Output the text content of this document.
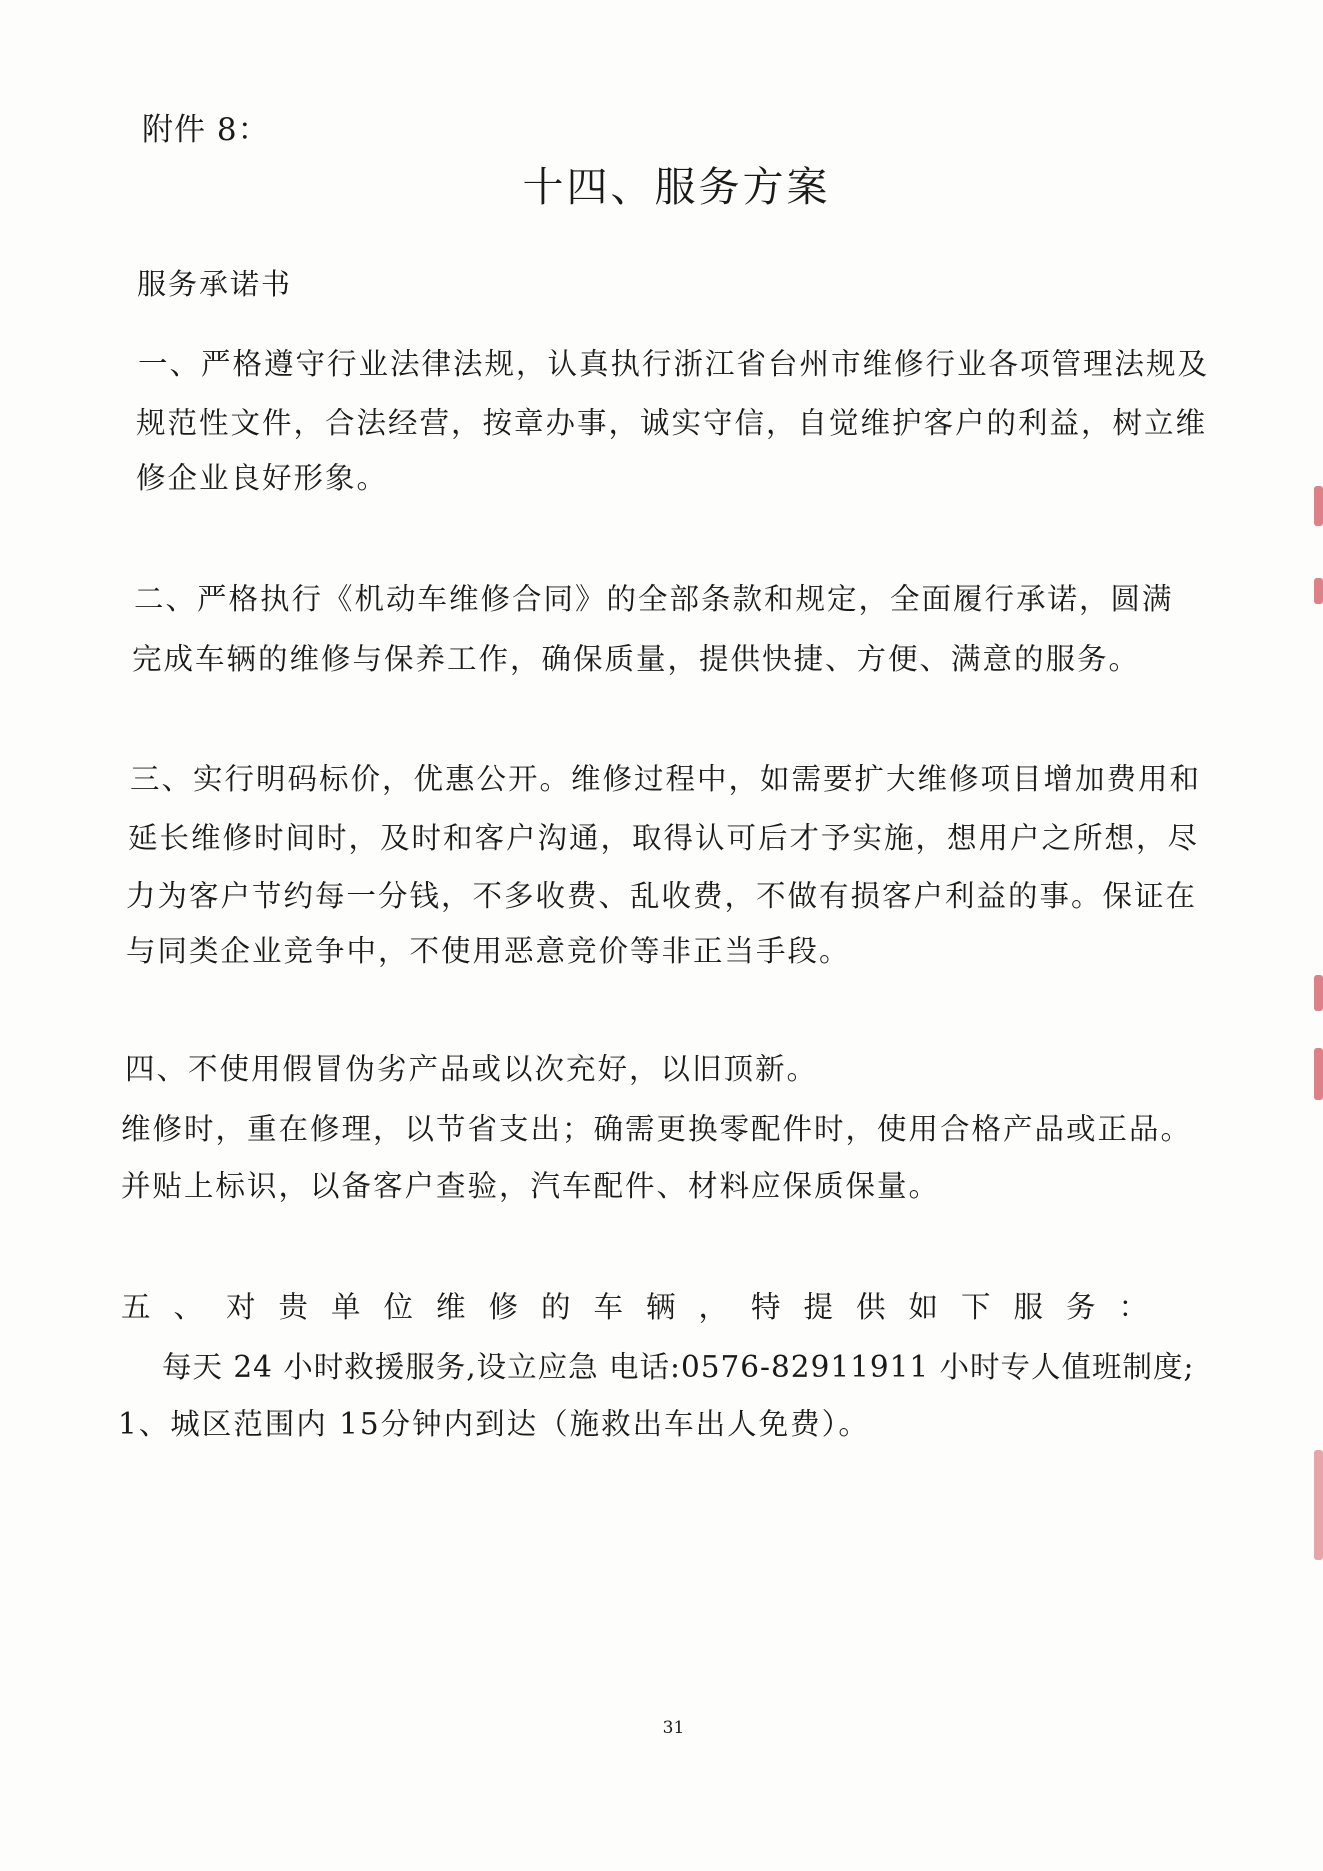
附件 8：
十四、服务方案
服务承诺书
一、严格遵守行业法律法规，认真执行浙江省台州市维修行业各项管理法规及
规范性文件，合法经营，按章办事，诚实守信，自觉维护客户的利益，树立维
修企业良好形象。
二、严格执行《机动车维修合同》的全部条款和规定，全面履行承诺，圆满
完成车辆的维修与保养工作，确保质量，提供快捷、方便、满意的服务。
三、实行明码标价，优惠公开。维修过程中，如需要扩大维修项目增加费用和
延长维修时间时，及时和客户沟通，取得认可后才予实施，想用户之所想，尽
力为客户节约每一分钱，不多收费、乱收费，不做有损客户利益的事。保证在
与同类企业竞争中，不使用恶意竞价等非正当手段。
四、不使用假冒伪劣产品或以次充好，以旧顶新。
维修时，重在修理，以节省支出；确需更换零配件时，使用合格产品或正品。
并贴上标识，以备客户查验，汽车配件、材料应保质保量。
五、对贵单位维修的车辆，特提供如下服务：
每天 24 小时救援服务,设立应急 电话:0576-82911911 小时专人值班制度;
1、城区范围内 15分钟内到达（施救出车出人免费）。
31
